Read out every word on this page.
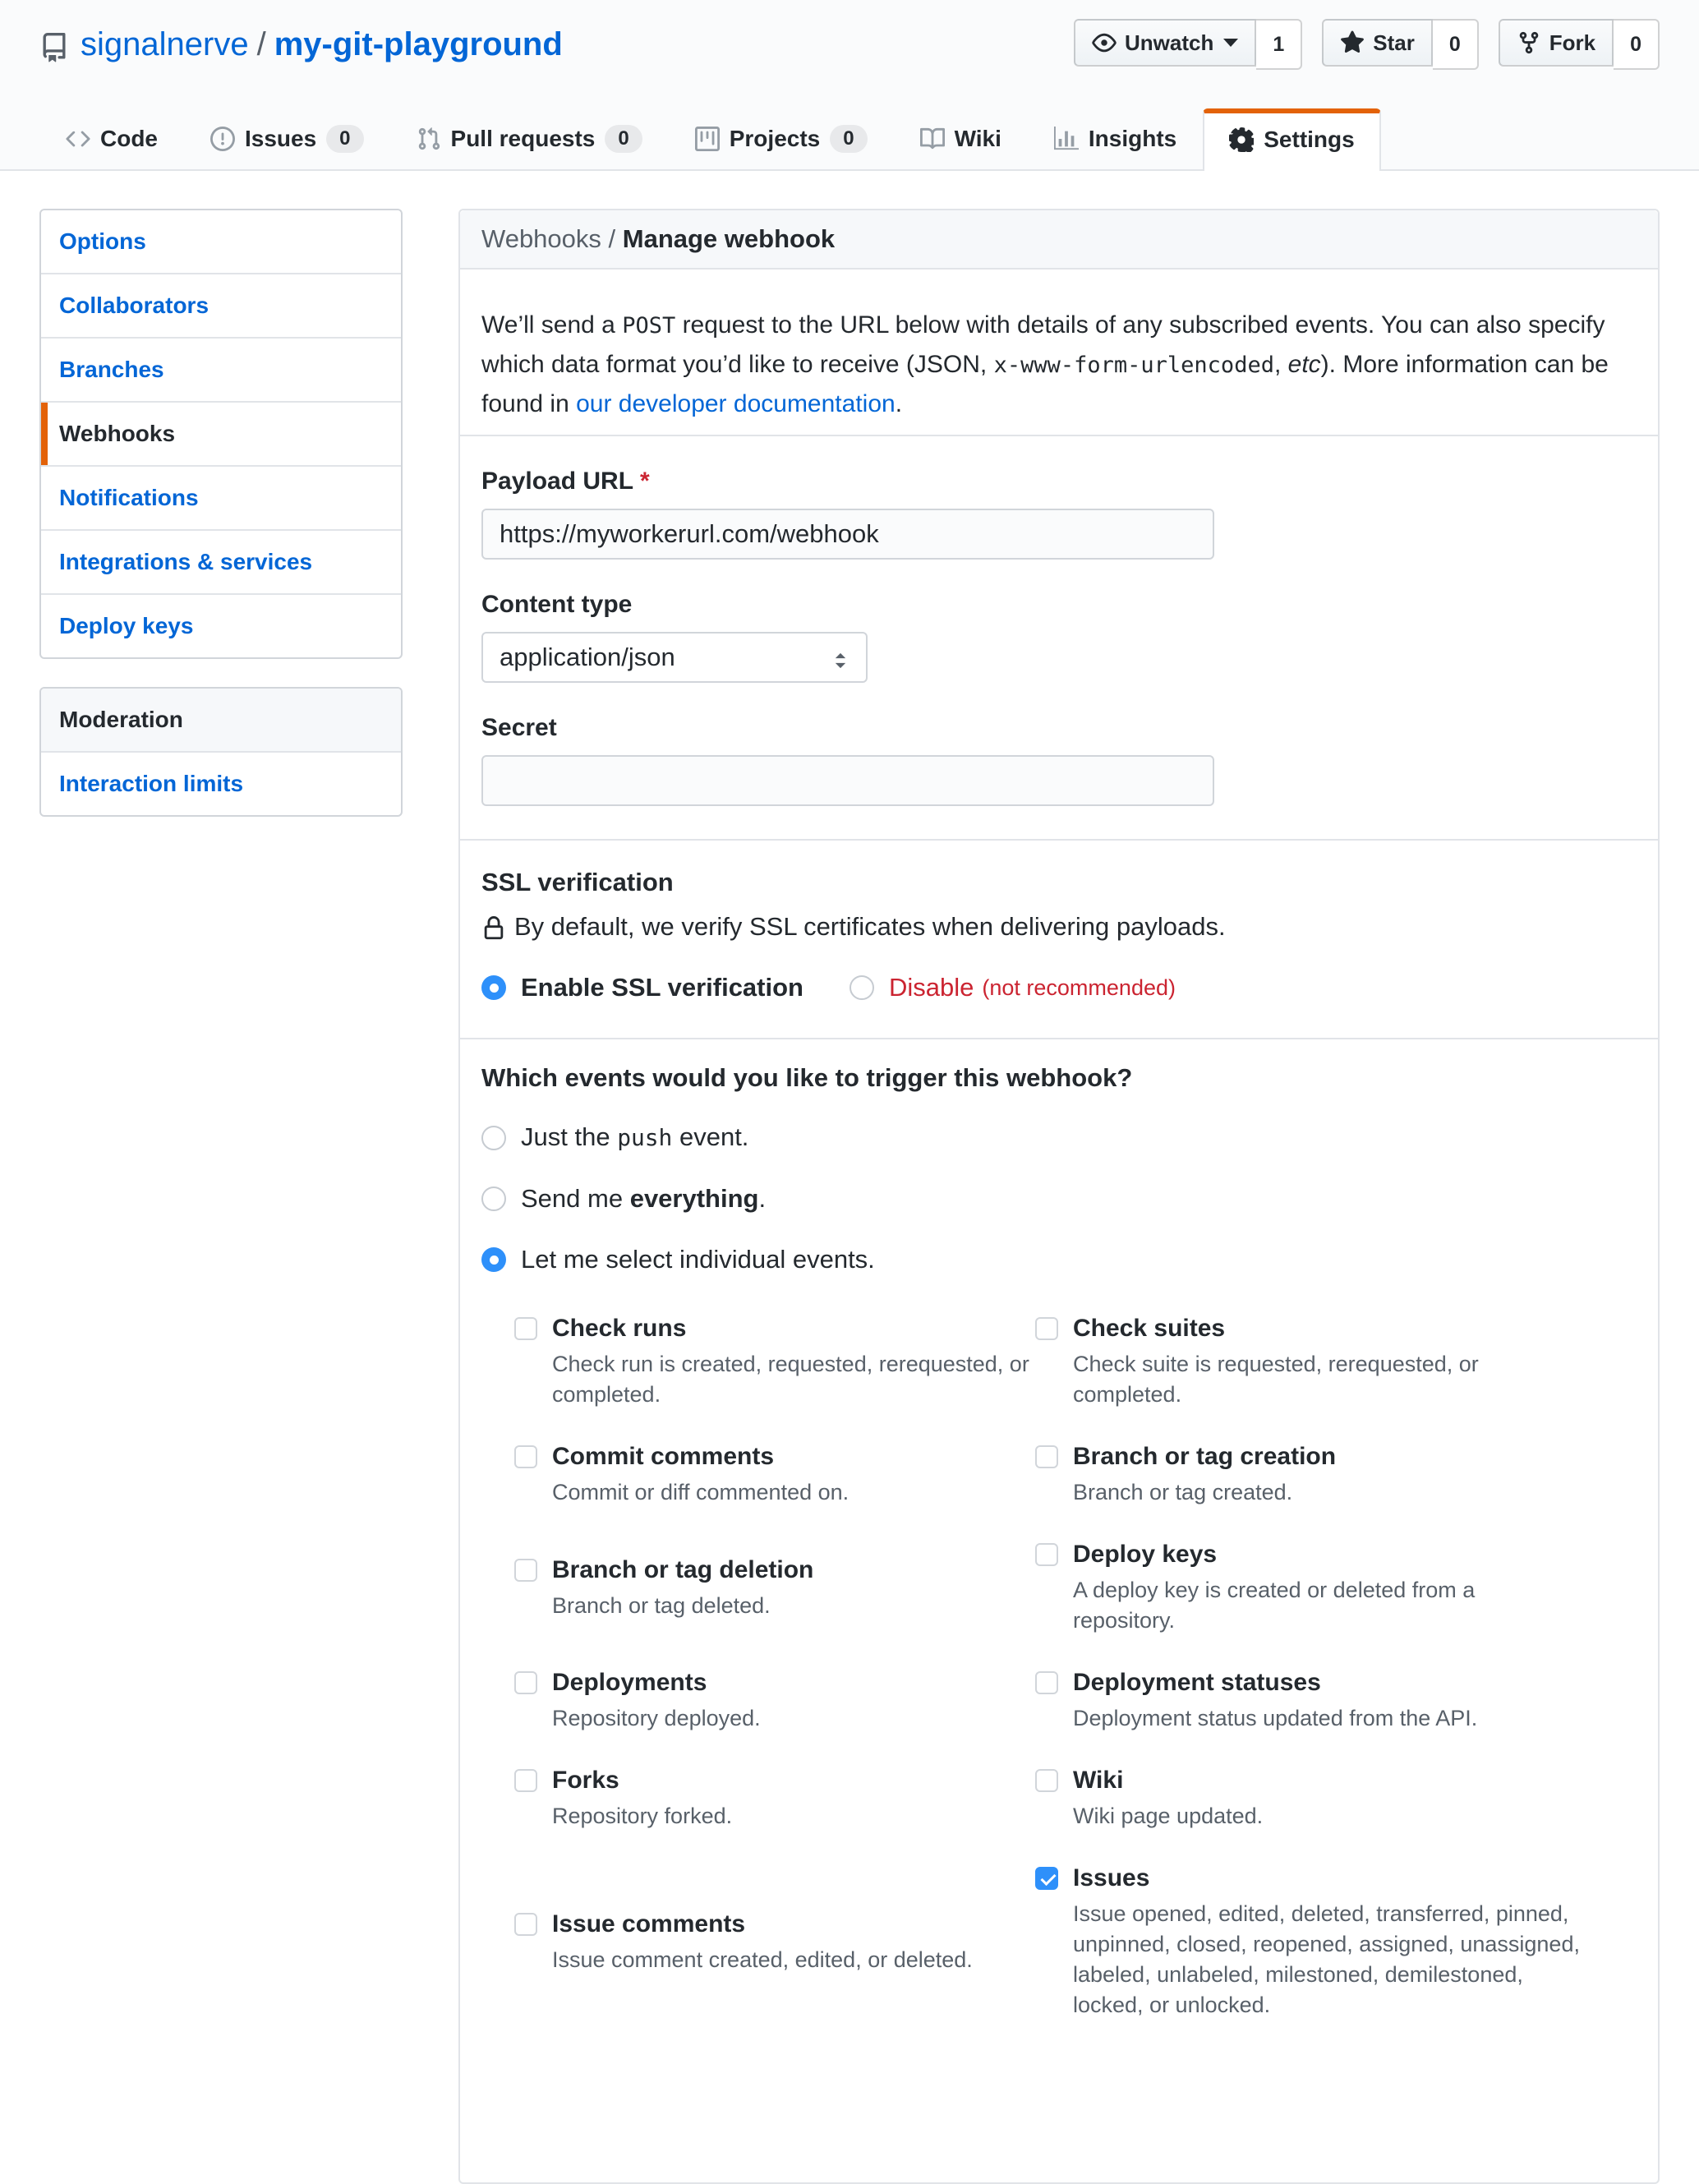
signalnerve / my-git-playground	Unwatch	1	Star	0	Fork	0
Code	Issues	0	Pull requests	0	Projects	0	Wiki	Insights	Settings
Options
Collaborators
Branches
Webhooks
Notifications
Integrations & services
Deploy keys
Moderation
Interaction limits
Webhooks / Manage webhook

We’ll send a POST request to the URL below with details of any subscribed events. You can also specify which data format you’d like to receive (JSON, x-www-form-urlencoded, etc). More information can be found in our developer documentation.

Payload URL *
https://myworkerurl.com/webhook
Content type
application/json
Secret
SSL verification
By default, we verify SSL certificates when delivering payloads.
Enable SSL verification	Disable (not recommended)
Which events would you like to trigger this webhook?
Just the push event.
Send me everything.
Let me select individual events.
Check runs
Check run is created, requested, rerequested, or completed.
Check suites
Check suite is requested, rerequested, or completed.
Commit comments
Commit or diff commented on.
Branch or tag creation
Branch or tag created.
Branch or tag deletion
Branch or tag deleted.
Deploy keys
A deploy key is created or deleted from a repository.
Deployments
Repository deployed.
Deployment statuses
Deployment status updated from the API.
Forks
Repository forked.
Wiki
Wiki page updated.
Issue comments
Issue comment created, edited, or deleted.
Issues
Issue opened, edited, deleted, transferred, pinned, unpinned, closed, reopened, assigned, unassigned, labeled, unlabeled, milestoned, demilestoned, locked, or unlocked.
